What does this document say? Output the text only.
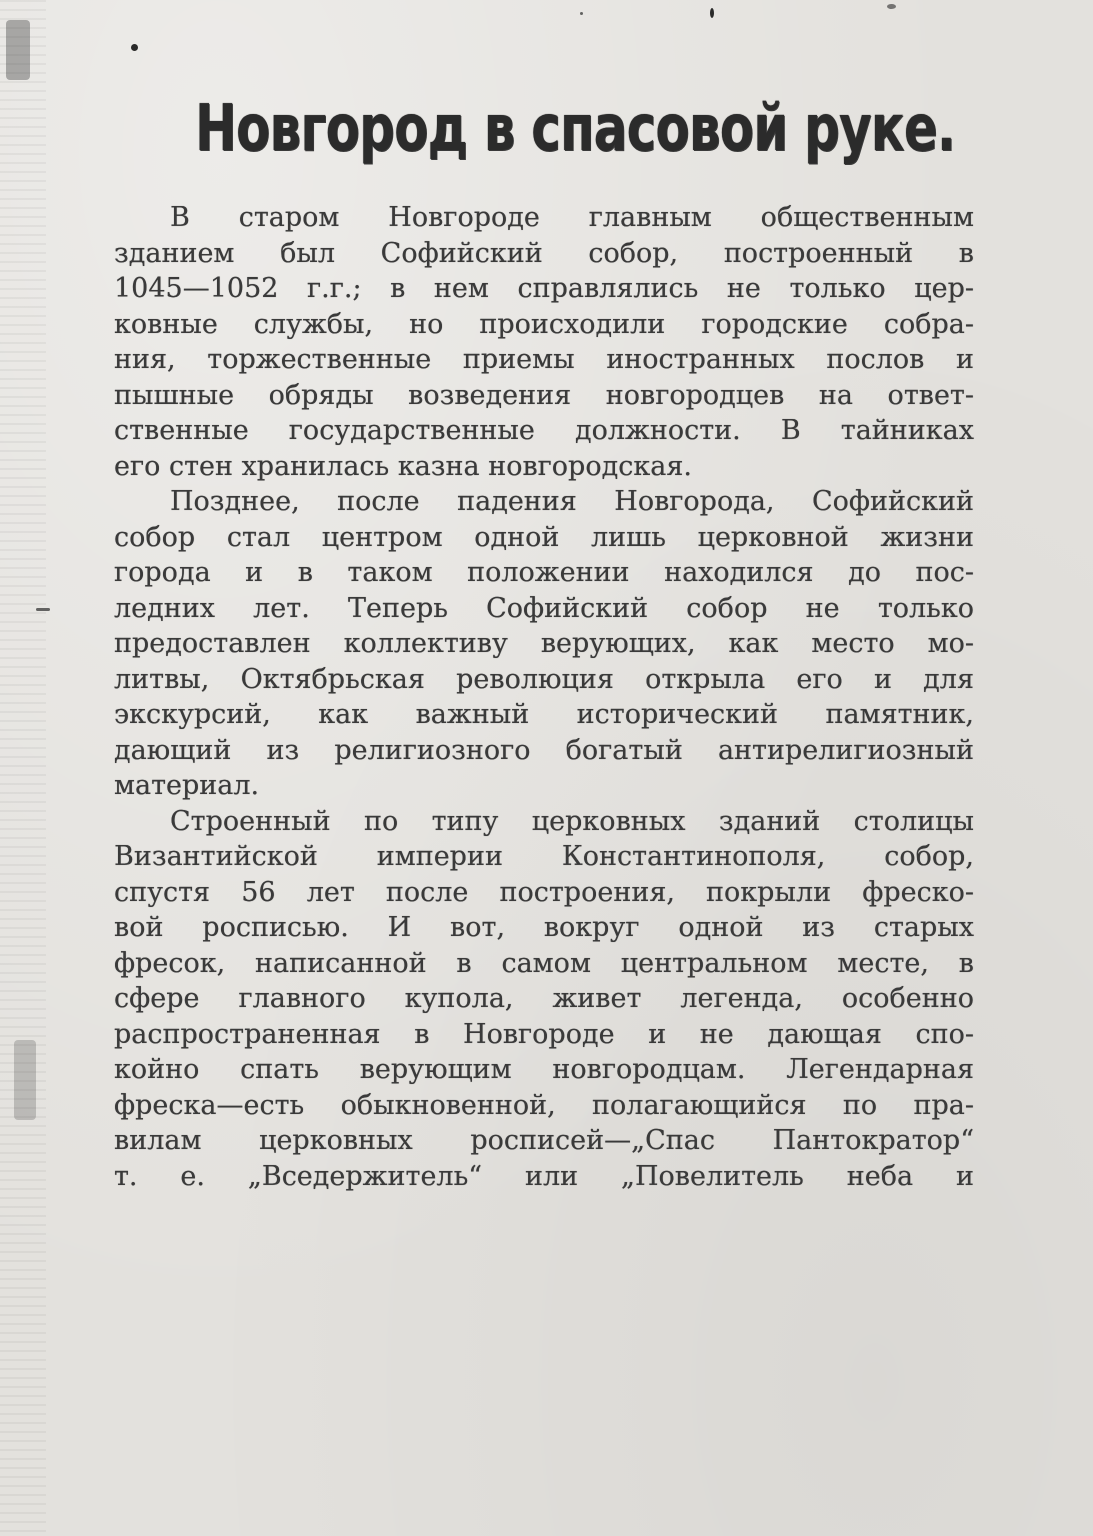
Новгород в спасовой руке.
В старом Новгороде главным общественным
зданием был Софийский собор, построенный в
1045—1052 г.г.; в нем справлялись не только цер-
ковные службы, но происходили городские собра-
ния, торжественные приемы иностранных послов и
пышные обряды возведения новгородцев на ответ-
ственные государственные должности. В тайниках
его стен хранилась казна новгородская.
Позднее, после падения Новгорода, Софийский
собор стал центром одной лишь церковной жизни
города и в таком положении находился до пос-
ледних лет. Теперь Софийский собор не только
предоставлен коллективу верующих, как место мо-
литвы, Октябрьская революция открыла его и для
экскурсий, как важный исторический памятник,
дающий из религиозного богатый антирелигиозный
материал.
Строенный по типу церковных зданий столицы
Византийской империи Константинополя, собор,
спустя 56 лет после построения, покрыли фреско-
вой росписью. И вот, вокруг одной из старых
фресок, написанной в самом центральном месте, в
сфере главного купола, живет легенда, особенно
распространенная в Новгороде и не дающая спо-
койно спать верующим новгородцам. Легендарная
фреска—есть обыкновенной, полагающийся по пра-
вилам церковных росписей—„Спас Пантократор“
т. е. „Вседержитель“ или „Повелитель неба и
